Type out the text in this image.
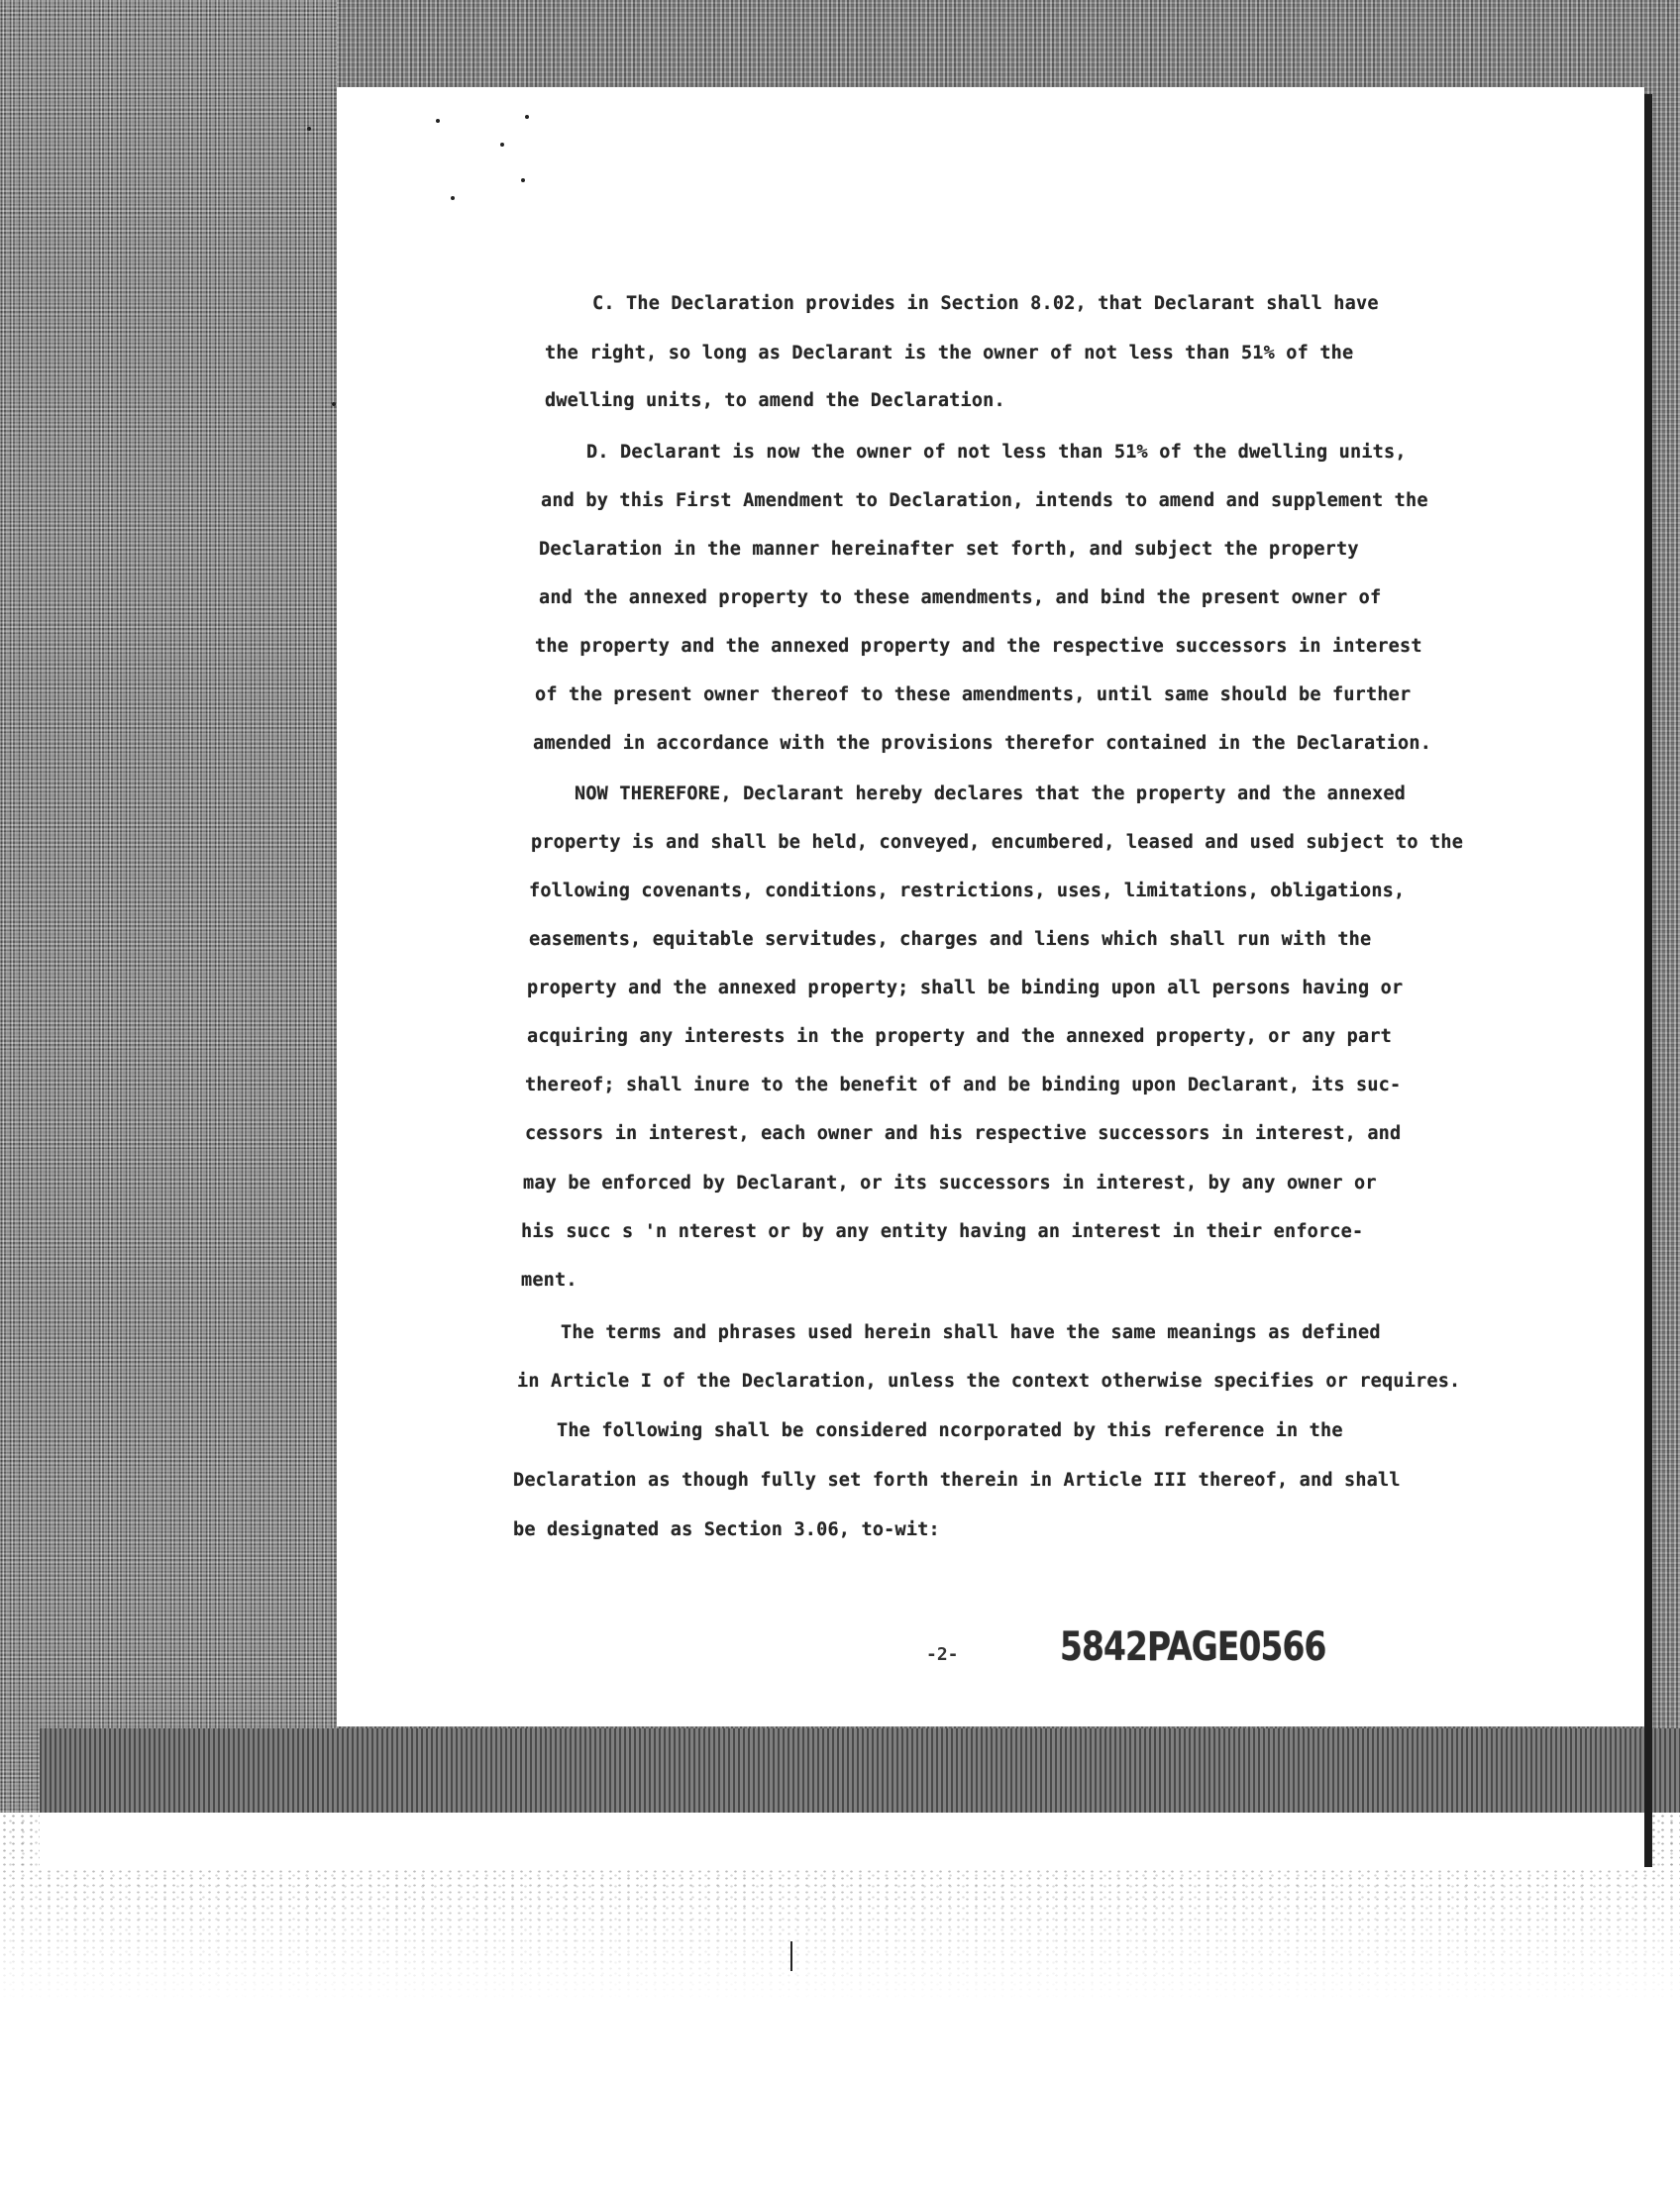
C. The Declaration provides in Section 8.02, that Declarant shall have
the right, so long as Declarant is the owner of not less than 51% of the
dwelling units, to amend the Declaration.
D. Declarant is now the owner of not less than 51% of the dwelling units,
and by this First Amendment to Declaration, intends to amend and supplement the
Declaration in the manner hereinafter set forth, and subject the property
and the annexed property to these amendments, and bind the present owner of
the property and the annexed property and the respective successors in interest
of the present owner thereof to these amendments, until same should be further
amended in accordance with the provisions therefor contained in the Declaration.
NOW THEREFORE, Declarant hereby declares that the property and the annexed
property is and shall be held, conveyed, encumbered, leased and used subject to the
following covenants, conditions, restrictions, uses, limitations, obligations,
easements, equitable servitudes, charges and liens which shall run with the
property and the annexed property; shall be binding upon all persons having or
acquiring any interests in the property and the annexed property, or any part
thereof; shall inure to the benefit of and be binding upon Declarant, its suc-
cessors in interest, each owner and his respective successors in interest, and
may be enforced by Declarant, or its successors in interest, by any owner or
his succ s 'n nterest or by any entity having an interest in their enforce-
ment.
The terms and phrases used herein shall have the same meanings as defined
in Article I of the Declaration, unless the context otherwise specifies or requires.
The following shall be considered ncorporated by this reference in the
Declaration as though fully set forth therein in Article III thereof, and shall
be designated as Section 3.06, to-wit:
-2-	5842PAGE0566
